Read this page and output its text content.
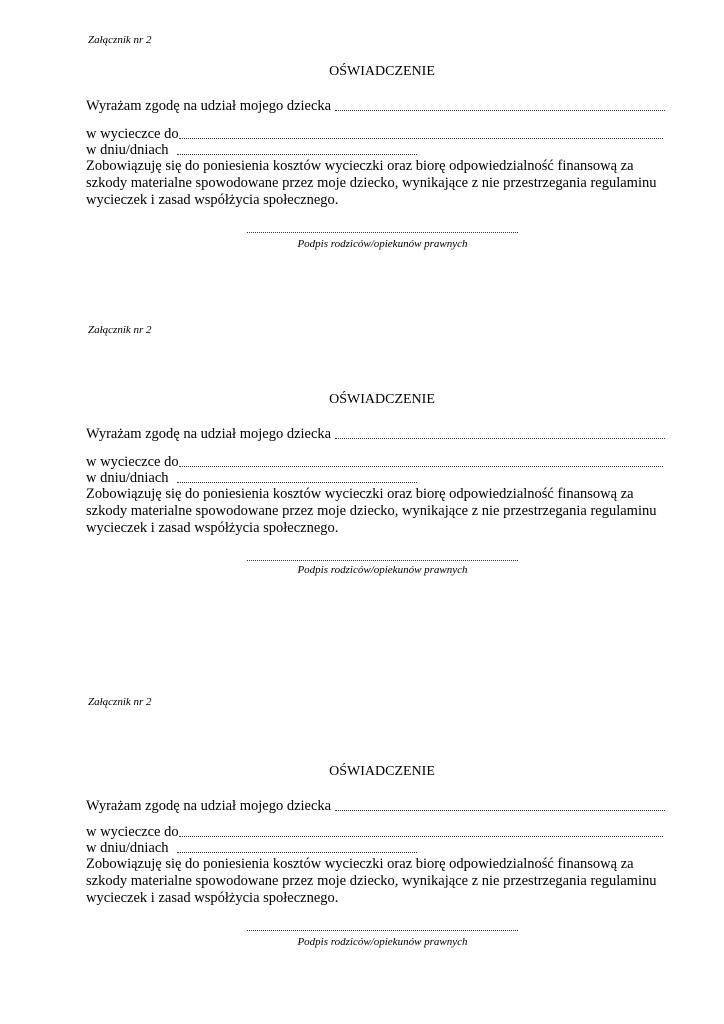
Załącznik nr 2
OŚWIADCZENIE
Wyrażam zgodę na udział mojego dziecka
w wycieczce do
w dniu/dniach
Zobowiązuję się do poniesienia kosztów wycieczki oraz biorę odpowiedzialność finansową za
szkody materialne spowodowane przez moje dziecko, wynikające z nie przestrzegania regulaminu
wycieczek i zasad współżycia społecznego.
Podpis rodziców/opiekunów prawnych
Załącznik nr 2
OŚWIADCZENIE
Wyrażam zgodę na udział mojego dziecka
w wycieczce do
w dniu/dniach
Zobowiązuję się do poniesienia kosztów wycieczki oraz biorę odpowiedzialność finansową za
szkody materialne spowodowane przez moje dziecko, wynikające z nie przestrzegania regulaminu
wycieczek i zasad współżycia społecznego.
Podpis rodziców/opiekunów prawnych
Załącznik nr 2
OŚWIADCZENIE
Wyrażam zgodę na udział mojego dziecka
w wycieczce do
w dniu/dniach
Zobowiązuję się do poniesienia kosztów wycieczki oraz biorę odpowiedzialność finansową za
szkody materialne spowodowane przez moje dziecko, wynikające z nie przestrzegania regulaminu
wycieczek i zasad współżycia społecznego.
Podpis rodziców/opiekunów prawnych
